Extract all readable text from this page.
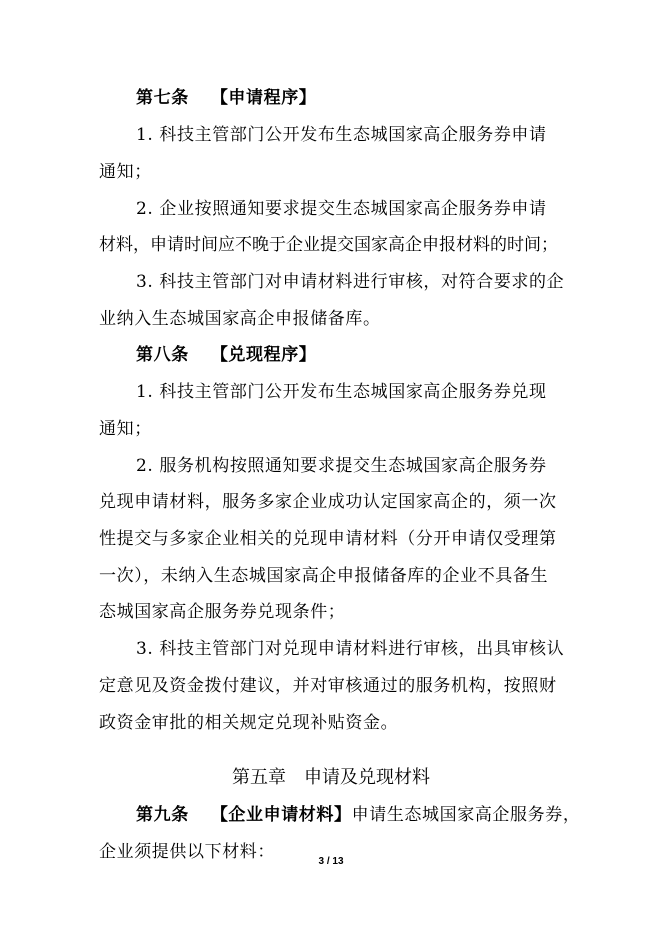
第七条 【申请程序】
1. 科技主管部门公开发布生态城国家高企服务券申请
通知；
2. 企业按照通知要求提交生态城国家高企服务券申请
材料，申请时间应不晚于企业提交国家高企申报材料的时间；
3. 科技主管部门对申请材料进行审核，对符合要求的企
业纳入生态城国家高企申报储备库。
第八条 【兑现程序】
1. 科技主管部门公开发布生态城国家高企服务券兑现
通知；
2. 服务机构按照通知要求提交生态城国家高企服务券
兑现申请材料，服务多家企业成功认定国家高企的，须一次
性提交与多家企业相关的兑现申请材料（分开申请仅受理第
一次），未纳入生态城国家高企申报储备库的企业不具备生
态城国家高企服务券兑现条件；
3. 科技主管部门对兑现申请材料进行审核，出具审核认
定意见及资金拨付建议，并对审核通过的服务机构，按照财
政资金审批的相关规定兑现补贴资金。
第五章　申请及兑现材料
第九条 【企业申请材料】申请生态城国家高企服务券，
企业须提供以下材料：	3 / 13
